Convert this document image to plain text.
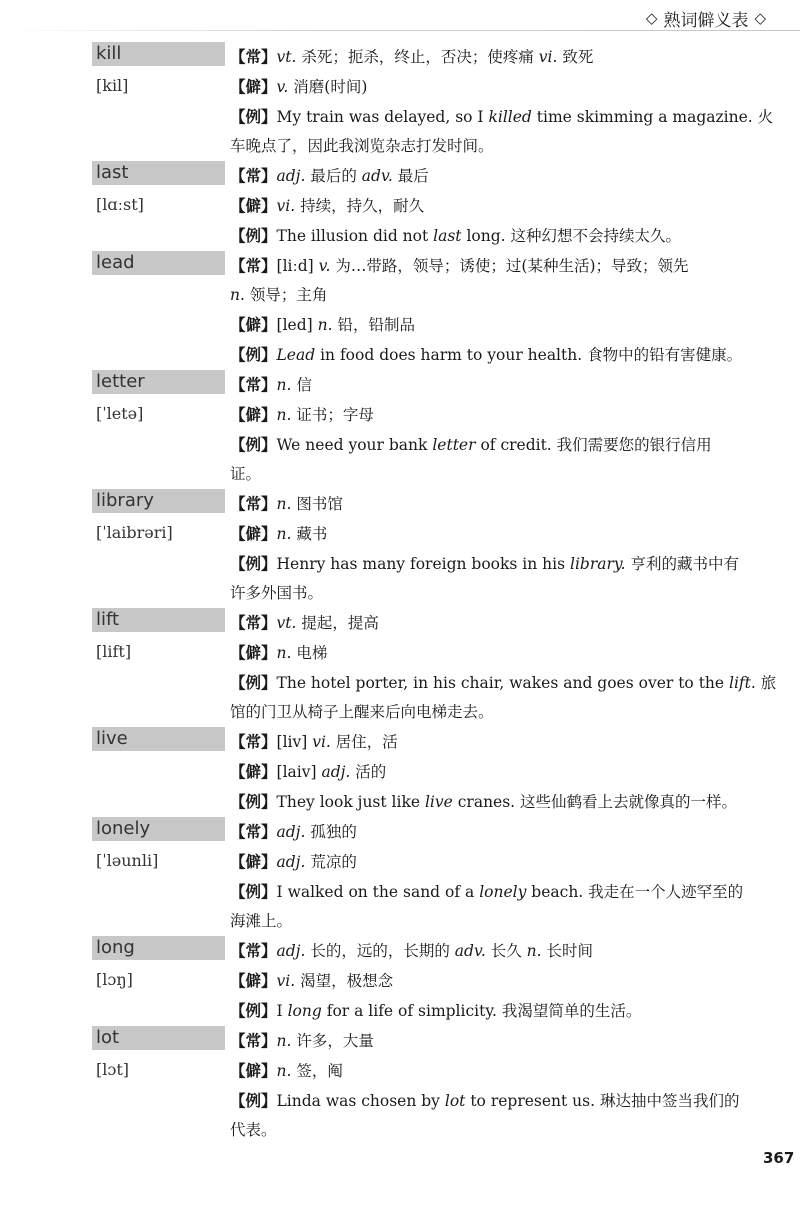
◇ 熟词僻义表 ◇
kill
[kil]
【常】vt. 杀死；扼杀，终止，否决；使疼痛 vi. 致死
【僻】v. 消磨(时间)
【例】My train was delayed, so I killed time skimming a magazine. 火
车晚点了，因此我浏览杂志打发时间。
last
[lɑːst]
【常】adj. 最后的 adv. 最后
【僻】vi. 持续，持久，耐久
【例】The illusion did not last long. 这种幻想不会持续太久。
lead	【常】[liːd] v. 为…带路，领导；诱使；过(某种生活)；导致；领先
n. 领导；主角
【僻】[led] n. 铅，铅制品
【例】Lead in food does harm to your health. 食物中的铅有害健康。
letter
[ˈletə]
【常】n. 信
【僻】n. 证书；字母
【例】We need your bank letter of credit. 我们需要您的银行信用
证。
library
[ˈlaibrəri]
【常】n. 图书馆
【僻】n. 藏书
【例】Henry has many foreign books in his library. 亨利的藏书中有
许多外国书。
lift
[lift]
【常】vt. 提起，提高
【僻】n. 电梯
【例】The hotel porter, in his chair, wakes and goes over to the lift. 旅
馆的门卫从椅子上醒来后向电梯走去。
live	【常】[liv] vi. 居住，活
【僻】[laiv] adj. 活的
【例】They look just like live cranes. 这些仙鹤看上去就像真的一样。
lonely
[ˈləunli]
【常】adj. 孤独的
【僻】adj. 荒凉的
【例】I walked on the sand of a lonely beach. 我走在一个人迹罕至的
海滩上。
long
[lɔŋ]
【常】adj. 长的，远的，长期的 adv. 长久 n. 长时间
【僻】vi. 渴望，极想念
【例】I long for a life of simplicity. 我渴望简单的生活。
lot
[lɔt]
【常】n. 许多，大量
【僻】n. 签，阄
【例】Linda was chosen by lot to represent us. 琳达抽中签当我们的
代表。
367
